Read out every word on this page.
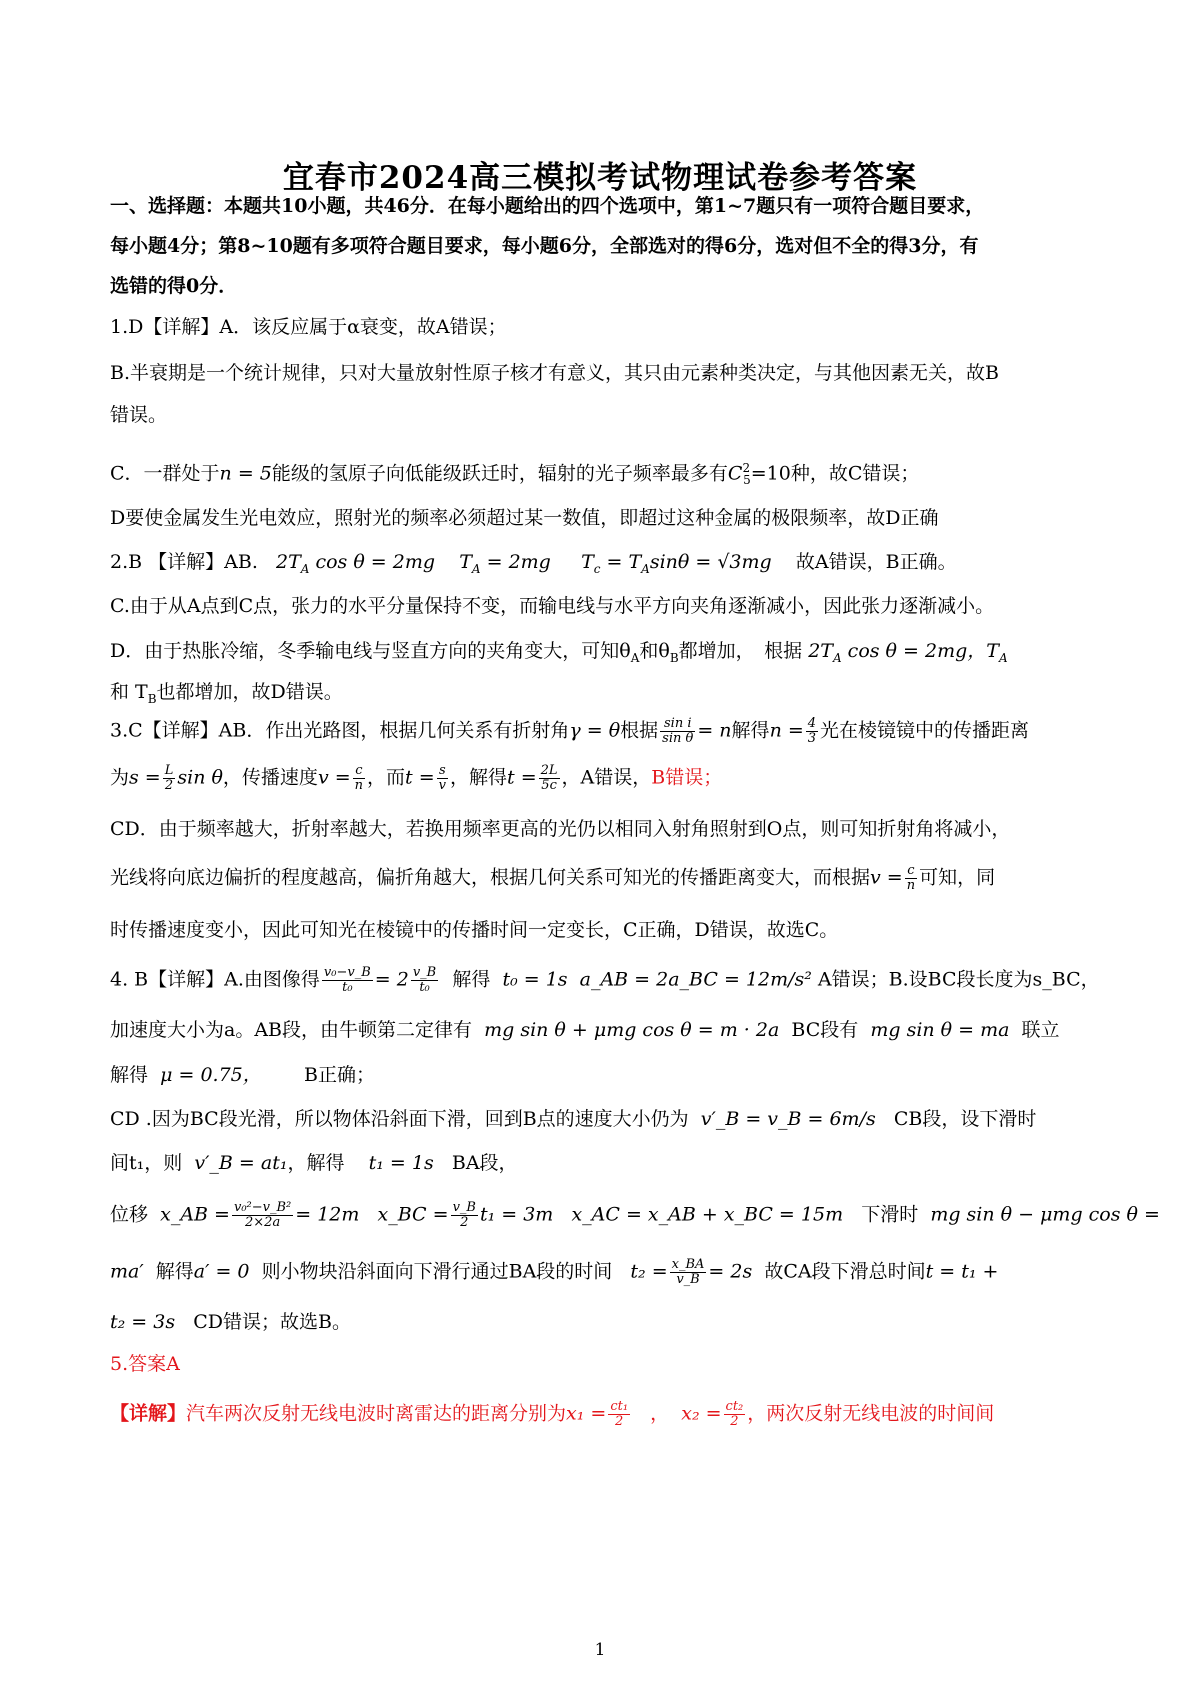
宜春市2024高三模拟考试物理试卷参考答案
一、选择题：本题共10小题，共46分．在每小题给出的四个选项中，第1~7题只有一项符合题目要求，
每小题4分；第8~10题有多项符合题目要求，每小题6分，全部选对的得6分，选对但不全的得3分，有
选错的得0分．
1.D【详解】A．该反应属于α衰变，故A错误；
B.半衰期是一个统计规律，只对大量放射性原子核才有意义，其只由元素种类决定，与其他因素无关，故B
错误。
C．一群处于n = 5能级的氢原子向低能级跃迁时，辐射的光子频率最多有$C^2_5=10$种，故C错误；
D要使金属发生光电效应，照射光的频率必须超过某一数值，即超过这种金属的极限频率，故D正确
2.B 【详解】AB. $2T_A$ cos θ = 2mg $T_A = 2mg$ $T_c = T_A\sin\theta = √3mg$ 故A错误，B正确。
C.由于从A点到C点，张力的水平分量保持不变，而输电线与水平方向夹角逐渐减小，因此张力逐渐减小。
D．由于热胀冷缩，冬季输电线与竖直方向的夹角变大，可知$\theta_A$和$\theta_B$都增加，　根据 $2T_A$ cos θ = 2mg，$T_A$
和 $T_B$也都增加，故D错误。
3.C【详解】AB．作出光路图，根据几何关系有折射角γ = θ根据 $\frac{\text{sin i}}{\text{sin θ}} = n$解得$n = \frac{4}{3}$ 光在棱镜镜中的传播距离
为$s = \frac{L}{2}$ sin θ，传播速度$v = \frac{c}{n}$ ，而$t = \frac{s}{v}$ ，解得$t = \frac{2L}{5c}$ ，A错误，B错误；
CD．由于频率越大，折射率越大，若换用频率更高的光仍以相同入射角照射到O点，则可知折射角将减小，
光线将向底边偏折的程度越高，偏折角越大，根据几何关系可知光的传播距离变大，而根据$v = \frac{c}{n}$ 可知，同
时传播速度变小，因此可知光在棱镜中的传播时间一定变长，C正确，D错误，故选C。
4. B【详解】A.由图像得 $\frac{\text{v₀−v\_B}}{\text{t₀}} = 2 \frac{v\_B}{\text{t₀}}$ 解得 t₀ = 1s a_AB = 2a_BC = 12m/s² A错误；B.设BC段长度为s_BC，
加速度大小为a。AB段，由牛顿第二定律有 mg sin θ + μmg cos θ = m · 2a BC段有 mg sin θ = ma 联立
解得 μ = 0.75， B正确；
CD .因为BC段光滑，所以物体沿斜面下滑，回到B点的速度大小仍为 v′_B = v_B = 6m/s CB段，设下滑时
间t₁，则 v′_B = at₁，解得 t₁ = 1s BA段，
位移 x_AB = $\frac{\text{v₀²−v\_B²}}{2\times 2a} = 12m$ x_BC = $\frac{v\_B}{2} t_1 = 3m$ x_AC = x_AB + x_BC = 15m 下滑时 mg sin θ − μmg cos θ =
ma′ 解得a′ = 0 则小物块沿斜面向下滑行通过BA段的时间 $t_2 = \frac{x\_BA}{v\_B} = 2s$ 故CA段下滑总时间t = t₁ +
t₂ = 3s CD错误；故选B。
5.答案A
【详解】汽车两次反射无线电波时离雷达的距离分别为$x_1 = \frac{\text{ct₁}}{2}$ ，  $x_2 = \frac{\text{ct₂}}{2}$ ，两次反射无线电波的时间间
1
